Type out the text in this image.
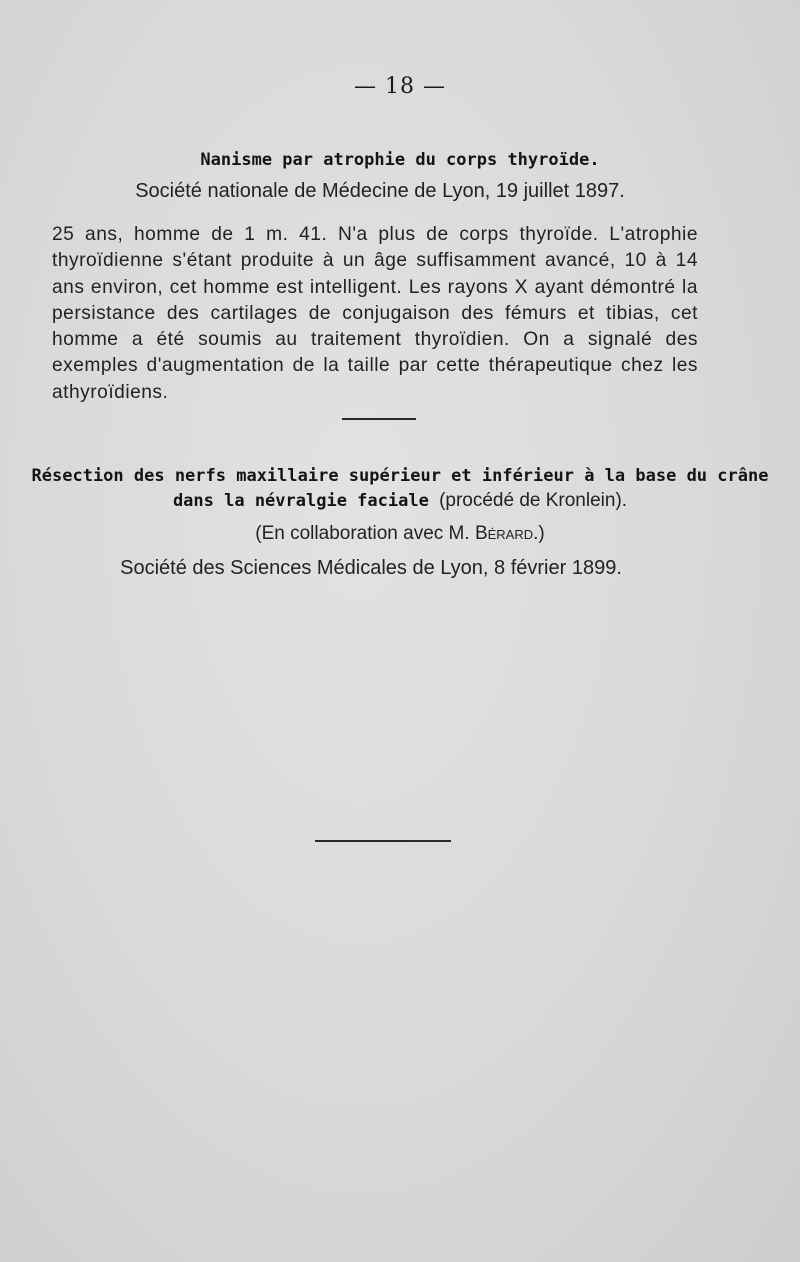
— 18 —
Nanisme par atrophie du corps thyroïde.
Société nationale de Médecine de Lyon, 19 juillet 1897.
25 ans, homme de 1 m. 41. N'a plus de corps thyroïde. L'atrophie thyroïdienne s'étant produite à un âge suffisamment avancé, 10 à 14 ans environ, cet homme est intelligent. Les rayons X ayant démontré la persistance des cartilages de conjugaison des fémurs et tibias, cet homme a été soumis au traitement thyroïdien. On a signalé des exemples d'augmentation de la taille par cette thérapeutique chez les athyroïdiens.
Résection des nerfs maxillaire supérieur et inférieur à la base du crâne
dans la névralgie faciale (procédé de Kronlein).
(En collaboration avec M. Bérard.)
Société des Sciences Médicales de Lyon, 8 février 1899.
